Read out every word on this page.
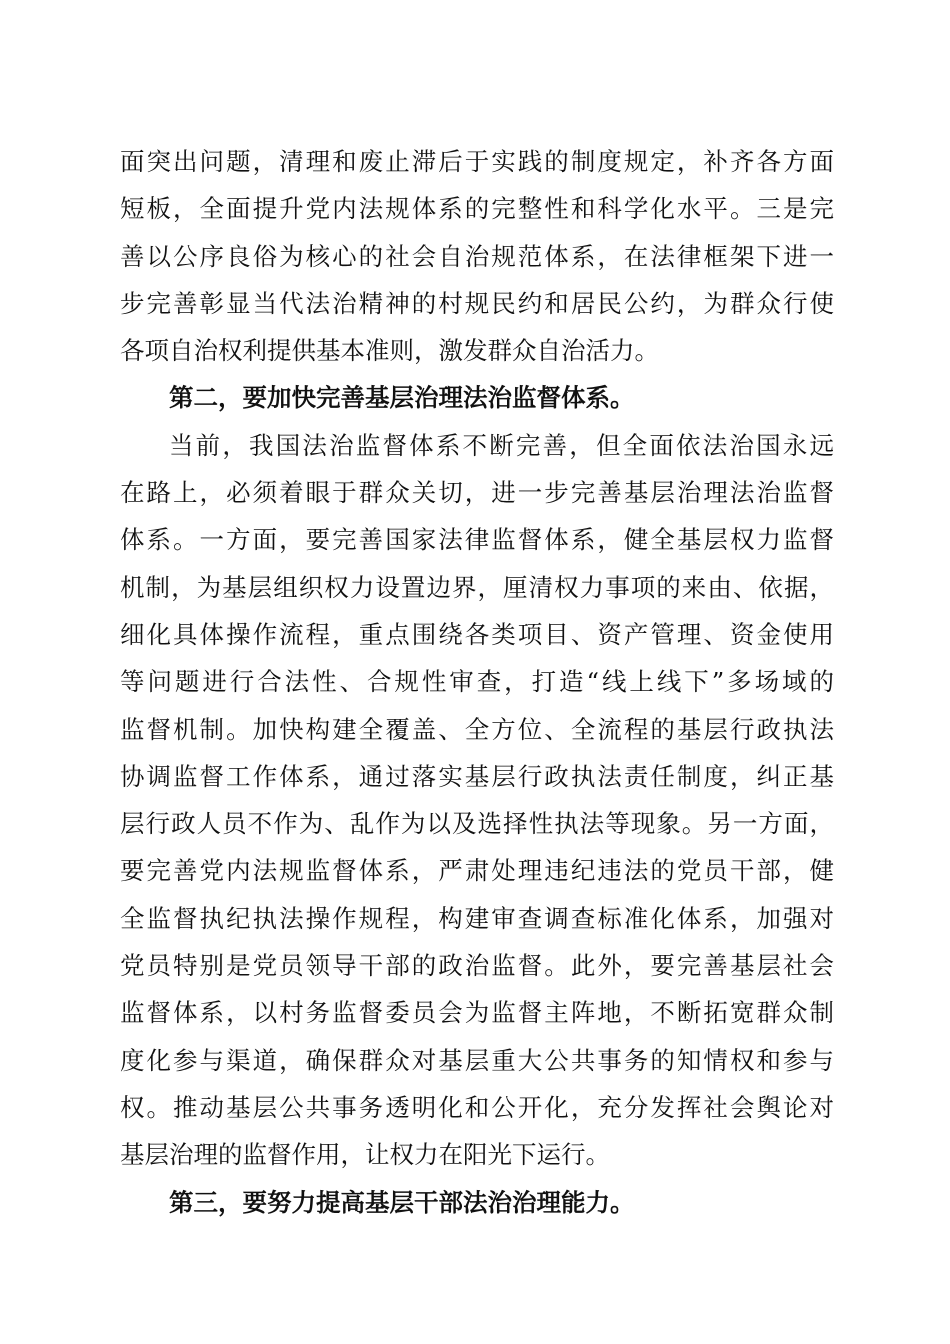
面突出问题，清理和废止滞后于实践的制度规定，补齐各方面
短板，全面提升党内法规体系的完整性和科学化水平。三是完
善以公序良俗为核心的社会自治规范体系，在法律框架下进一
步完善彰显当代法治精神的村规民约和居民公约，为群众行使
各项自治权利提供基本准则，激发群众自治活力。
第二，要加快完善基层治理法治监督体系。
当前，我国法治监督体系不断完善，但全面依法治国永远
在路上，必须着眼于群众关切，进一步完善基层治理法治监督
体系。一方面，要完善国家法律监督体系，健全基层权力监督
机制，为基层组织权力设置边界，厘清权力事项的来由、依据，
细化具体操作流程，重点围绕各类项目、资产管理、资金使用
等问题进行合法性、合规性审查，打造“线上线下”多场域的
监督机制。加快构建全覆盖、全方位、全流程的基层行政执法
协调监督工作体系，通过落实基层行政执法责任制度，纠正基
层行政人员不作为、乱作为以及选择性执法等现象。另一方面，
要完善党内法规监督体系，严肃处理违纪违法的党员干部，健
全监督执纪执法操作规程，构建审查调查标准化体系，加强对
党员特别是党员领导干部的政治监督。此外，要完善基层社会
监督体系，以村务监督委员会为监督主阵地，不断拓宽群众制
度化参与渠道，确保群众对基层重大公共事务的知情权和参与
权。推动基层公共事务透明化和公开化，充分发挥社会舆论对
基层治理的监督作用，让权力在阳光下运行。
第三，要努力提高基层干部法治治理能力。
